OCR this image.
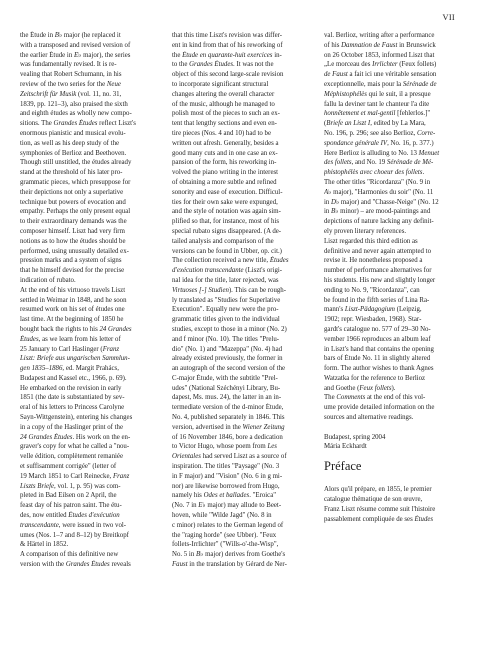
VII
the Étude in B♭ major (he replaced it
with a transposed and revised version of
the earlier Étude in E♭ major), the series
was fundamentally revised. It is re-
vealing that Robert Schumann, in his
review of the two series for the Neue
Zeitschrift für Musik (vol. 11, no. 31,
1839, pp. 121–3), also praised the sixth
and eighth études as wholly new compo-
sitions. The Grandes Études reflect Liszt's
enormous pianistic and musical evolu-
tion, as well as his deep study of the
symphonies of Berlioz and Beethoven.
Though still unstitled, the études already
stand at the threshold of his later pro-
grammatic pieces, which presuppose for
their depictions not only a superlative
technique but powers of evocation and
empathy. Perhaps the only present equal
to their extraordinary demands was the
composer himself. Liszt had very firm
notions as to how the études should be
performed, using unusually detailed ex-
pression marks and a system of signs
that he himself devised for the precise
indication of rubato.
At the end of his virtuoso travels Liszt
settled in Weimar in 1848, and he soon
resumed work on his set of études one
last time. At the beginning of 1850 he
bought back the rights to his 24 Grandes
Études, as we learn from his letter of
25 January to Carl Haslinger (Franz
Liszt: Briefe aus ungarischen Sammlun-
gen 1835–1886, ed. Margit Prahács,
Budapest and Kassel etc., 1966, p. 69).
He embarked on the revision in early
1851 (the date is substantiated by sev-
eral of his letters to Princess Carolyne
Sayn-Wittgenstein), entering his changes
in a copy of the Haslinger print of the
24 Grandes Études. His work on the en-
graver's copy for what he called a "nou-
velle édition, complètement remaniée
et suffisamment corrigée" (letter of
19 March 1851 to Carl Reinecke, Franz
Liszts Briefe, vol. 1, p. 95) was com-
pleted in Bad Eilsen on 2 April, the
feast day of his patron saint. The étu-
des, now entitled Études d'exécution
transcendante, were issued in two vol-
umes (Nos. 1–7 and 8–12) by Breitkopf
& Härtel in 1852.
A comparison of this definitive new
version with the Grandes Études reveals
that this time Liszt's revision was differ-
ent in kind from that of his reworking of
the Étude en quarante-huit exercices in-
to the Grandes Études. It was not the
object of this second large-scale revision
to incorporate significant structural
changes altering the overall character
of the music, although he managed to
polish most of the pieces to such an ex-
tent that lengthy sections and even en-
tire pieces (Nos. 4 and 10) had to be
written out afresh. Generally, besides a
good many cuts and in one case an ex-
pansion of the form, his reworking in-
volved the piano writing in the interest
of obtaining a more subtle and refined
sonority and ease of execution. Difficul-
ties for their own sake were expunged,
and the style of notation was again sim-
plified so that, for instance, most of his
special rubato signs disappeared. (A de-
tailed analysis and comparison of the
versions can be found in Ubber, op. cit.)
The collection received a new title, Études
d'exécution transcendante (Liszt's origi-
nal idea for the title, later rejected, was
Virtuoses [-] Studien). This can be rough-
ly translated as "Studies for Superlative
Execution". Equally new were the pro-
grammatic titles given to the individual
studies, except to those in a minor (No. 2)
and f minor (No. 10). The titles "Prelu-
dio" (No. 1) and "Mazeppa" (No. 4) had
already existed previously, the former in
an autograph of the second version of the
C-major Étude, with the subtitle "Prel-
udes" (National Széchényi Library, Bu-
dapest, Ms. mus. 24), the latter in an in-
termediate version of the d-minor Étude,
No. 4, published separately in 1846. This
version, advertised in the Wiener Zeitung
of 16 November 1846, bore a dedication
to Victor Hugo, whose poem from Les
Orientales had served Liszt as a source of
inspiration. The titles "Paysage" (No. 3
in F major) and "Vision" (No. 6 in g mi-
nor) are likewise borrowed from Hugo,
namely his Odes et ballades. "Eroica"
(No. 7 in E♭ major) may allude to Beet-
hoven, while "Wilde Jagd" (No. 8 in
c minor) relates to the German legend of
the "raging horde" (see Ubber). "Feux
follets-Irrlichter" ("Wills-o'-the-Wisp",
No. 5 in B♭ major) derives from Goethe's
Faust in the translation by Gérard de Ner-
val. Berlioz, writing after a performance
of his Damnation de Faust in Brunswick
on 26 October 1853, informed Liszt that
„Le morceau des Irrlichter (Feux follets)
de Faust a fait ici une véritable sensation
exceptionnelle, mais pour la Sérénade de
Méphistophélès qui le suit, il a presque
fallu la deviner tant le chanteur l'a dite
honnêtement et mal-gentil [fehlerlos.]"
(Briefe an Liszt I, edited by La Mara,
No. 196, p. 296; see also Berlioz, Corre-
spondance générale IV, No. 16, p. 377.)
Here Berlioz is alluding to No. 13 Menuet
des follets, and No. 19 Sérénade de Mé-
phistophélès avec choeur des follets.
The other titles "Ricordanza" (No. 9 in
A♭ major), "Harmonies du soir" (No. 11
in D♭ major) and "Chasse-Neige" (No. 12
in B♭ minor) – are mood-paintings and
depictions of nature lacking any definit-
ely proven literary references.
Liszt regarded this third edition as
definitive and never again attempted to
revise it. He nonetheless proposed a
number of performance alternatives for
his students. His new and slightly longer
ending to No. 9, "Ricordanza", can
be found in the fifth series of Lina Ra-
mann's Liszt-Pädagogium (Leipzig,
1902; repr. Wiesbaden, 1968). Star-
gardt's catalogue no. 577 of 29–30 No-
vember 1966 reproduces an album leaf
in Liszt's hand that contains the opening
bars of Étude No. 11 in slightly altered
form. The author wishes to thank Agnes
Watzatka for the reference to Berlioz
and Goethe (Feux follets).
The Comments at the end of this vol-
ume provide detailed information on the
sources and alternative readings.
Budapest, spring 2004
Mária Eckhardt
Préface
Alors qu'il prépare, en 1855, le premier
catalogue thématique de son œuvre,
Franz Liszt résume comme suit l'histoire
passablement compliquée de ses Études
